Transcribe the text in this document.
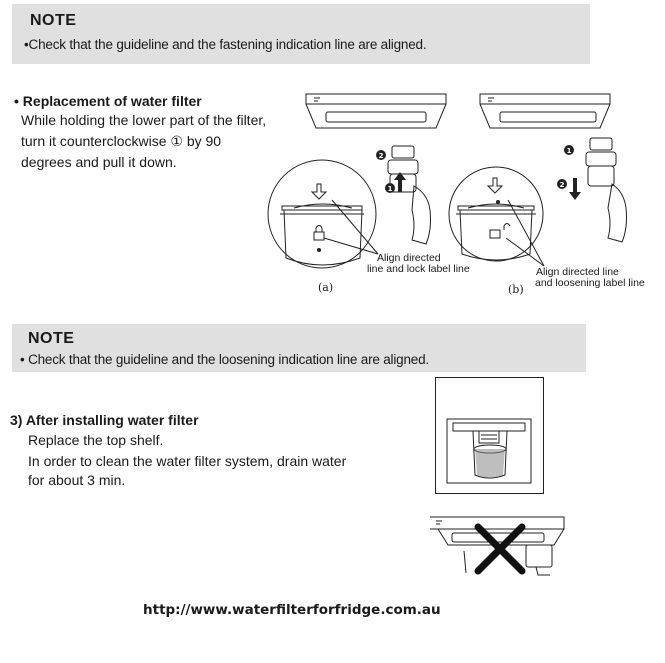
NOTE
•Check that the guideline and the fastening indication line are aligned.
• Replacement of water filter
While holding the lower part of the filter,
turn it counterclockwise ① by 90
degrees and pull it down.
1
2
Align directed
line and lock label line
(a)
1
2
Align directed line
and loosening label line
(b)
NOTE
• Check that the guideline and the loosening indication line are aligned.
3) After installing water filter
Replace the top shelf.
In order to clean the water filter system, drain water
for about 3 min.
http://www.waterfilterforfridge.com.au
